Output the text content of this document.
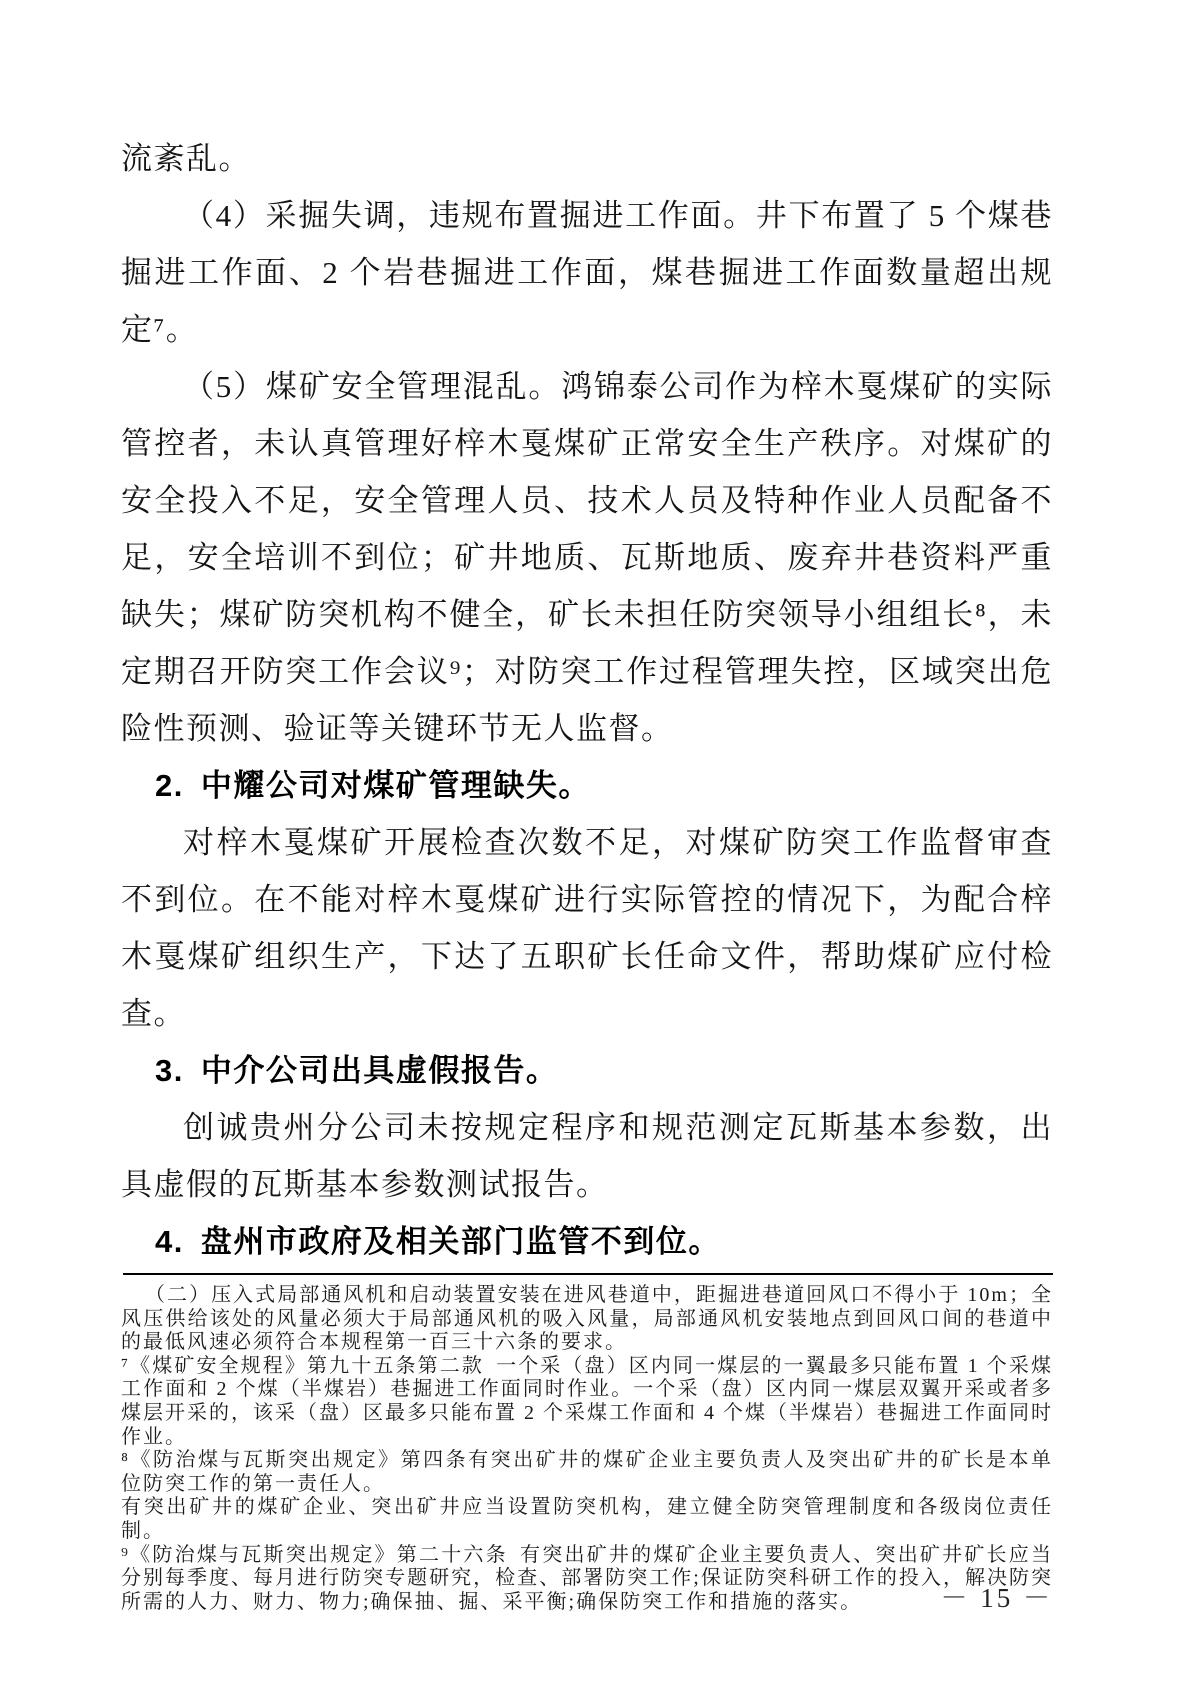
流紊乱。

（4）采掘失调，违规布置掘进工作面。井下布置了 5 个煤巷掘进工作面、2 个岩巷掘进工作面，煤巷掘进工作面数量超出规定⁷。

（5）煤矿安全管理混乱。鸿锦泰公司作为梓木戛煤矿的实际管控者，未认真管理好梓木戛煤矿正常安全生产秩序。对煤矿的安全投入不足，安全管理人员、技术人员及特种作业人员配备不足，安全培训不到位；矿井地质、瓦斯地质、废弃井巷资料严重缺失；煤矿防突机构不健全，矿长未担任防突领导小组组长⁸，未定期召开防突工作会议⁹；对防突工作过程管理失控，区域突出危险性预测、验证等关键环节无人监督。

2. 中耀公司对煤矿管理缺失。

对梓木戛煤矿开展检查次数不足，对煤矿防突工作监督审查不到位。在不能对梓木戛煤矿进行实际管控的情况下，为配合梓木戛煤矿组织生产，下达了五职矿长任命文件，帮助煤矿应付检查。

3. 中介公司出具虚假报告。

创诚贵州分公司未按规定程序和规范测定瓦斯基本参数，出具虚假的瓦斯基本参数测试报告。

4. 盘州市政府及相关部门监管不到位。

（二）压入式局部通风机和启动装置安装在进风巷道中，距掘进巷道回风口不得小于 10m；全风压供给该处的风量必须大于局部通风机的吸入风量，局部通风机安装地点到回风口间的巷道中的最低风速必须符合本规程第一百三十六条的要求。

⁷《煤矿安全规程》第九十五条第二款 一个采（盘）区内同一煤层的一翼最多只能布置 1 个采煤工作面和 2 个煤（半煤岩）巷掘进工作面同时作业。一个采（盘）区内同一煤层双翼开采或者多煤层开采的，该采（盘）区最多只能布置 2 个采煤工作面和 4 个煤（半煤岩）巷掘进工作面同时作业。

⁸《防治煤与瓦斯突出规定》第四条有突出矿井的煤矿企业主要负责人及突出矿井的矿长是本单位防突工作的第一责任人。

有突出矿井的煤矿企业、突出矿井应当设置防突机构，建立健全防突管理制度和各级岗位责任制。

⁹《防治煤与瓦斯突出规定》第二十六条 有突出矿井的煤矿企业主要负责人、突出矿井矿长应当分别每季度、每月进行防突专题研究，检查、部署防突工作;保证防突科研工作的投入，解决防突所需的人力、财力、物力;确保抽、掘、采平衡;确保防突工作和措施的落实。	－ 15 －
